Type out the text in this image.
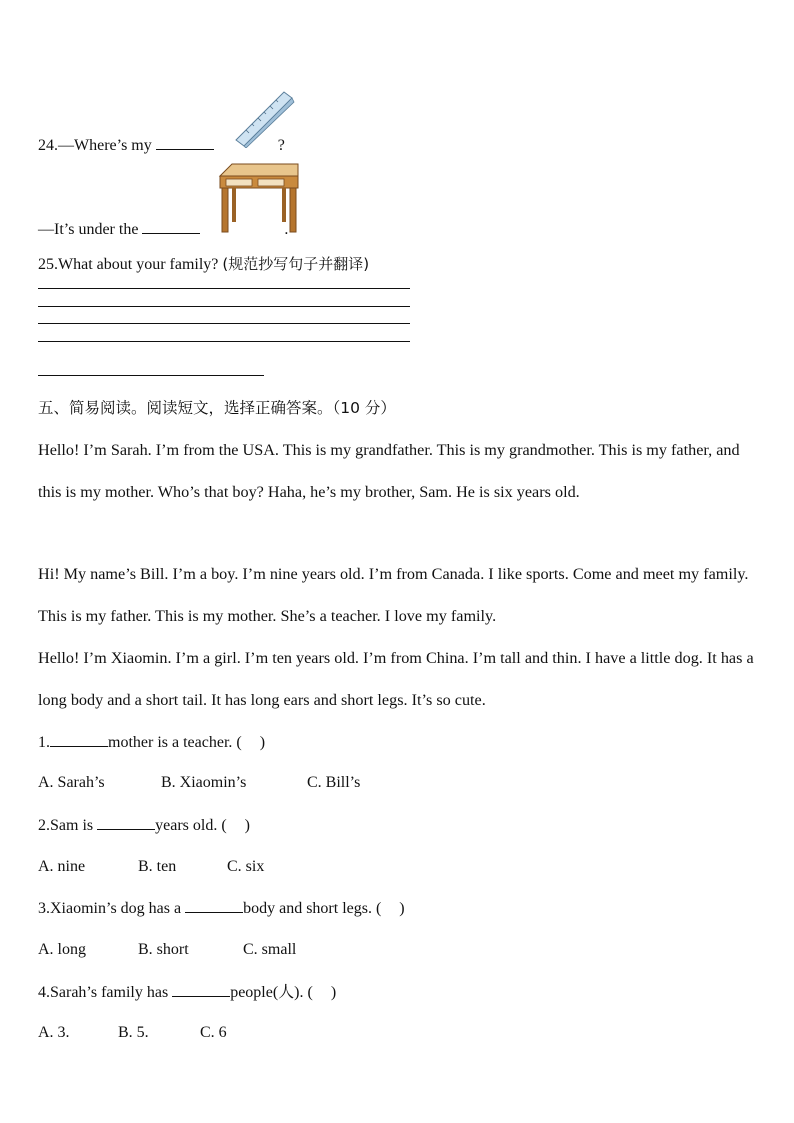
24.—Where’s my	?
—It’s under the	.
25.What about your family? (规范抄写句子并翻译)
五、简易阅读。阅读短文，选择正确答案。（10 分）
Hello! I’m Sarah. I’m from the USA. This is my grandfather. This is my grandmother. This is my father, and this is my mother. Who’s that boy? Haha, he’s my brother, Sam. He is six years old.
Hi! My name’s Bill. I’m a boy. I’m nine years old. I’m from Canada. I like sports. Come and meet my family. This is my father. This is my mother. She’s a teacher. I love my family.
Hello! I’m Xiaomin. I’m a girl. I’m ten years old. I’m from China. I’m tall and thin. I have a little dog. It has a long body and a short tail. It has long ears and short legs. It’s so cute.
1.	mother is a teacher. ( )
A. Sarah’s	B. Xiaomin’s	C. Bill’s
2.Sam is	years old. ( )
A. nine	B. ten	C. six
3.Xiaomin’s dog has a	body and short legs. ( )
A. long	B. short	C. small
4.Sarah’s family has	people(人). ( )
A. 3.	B. 5.	C. 6
